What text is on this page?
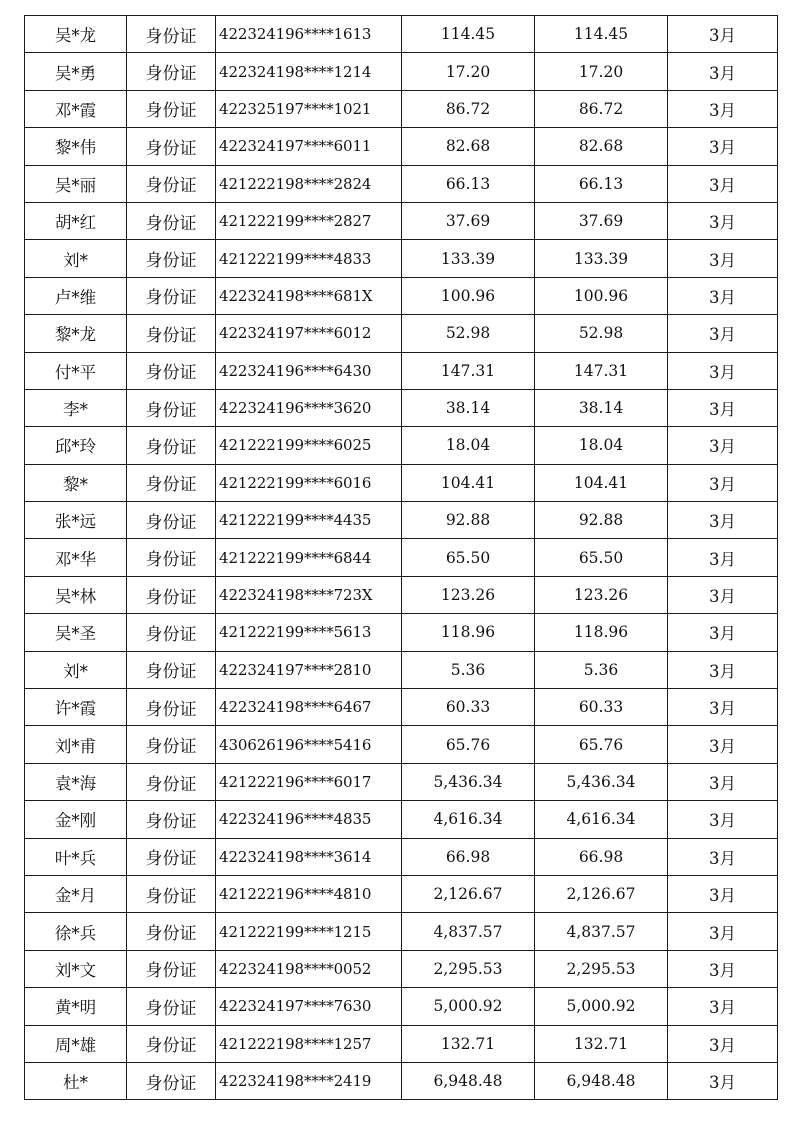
吴*龙	身份证	422324196****1613	114.45	114.45	3月
吴*勇	身份证	422324198****1214	17.20	17.20	3月
邓*霞	身份证	422325197****1021	86.72	86.72	3月
黎*伟	身份证	422324197****6011	82.68	82.68	3月
吴*丽	身份证	421222198****2824	66.13	66.13	3月
胡*红	身份证	421222199****2827	37.69	37.69	3月
刘*	身份证	421222199****4833	133.39	133.39	3月
卢*维	身份证	422324198****681X	100.96	100.96	3月
黎*龙	身份证	422324197****6012	52.98	52.98	3月
付*平	身份证	422324196****6430	147.31	147.31	3月
李*	身份证	422324196****3620	38.14	38.14	3月
邱*玲	身份证	421222199****6025	18.04	18.04	3月
黎*	身份证	421222199****6016	104.41	104.41	3月
张*远	身份证	421222199****4435	92.88	92.88	3月
邓*华	身份证	421222199****6844	65.50	65.50	3月
吴*林	身份证	422324198****723X	123.26	123.26	3月
吴*圣	身份证	421222199****5613	118.96	118.96	3月
刘*	身份证	422324197****2810	5.36	5.36	3月
许*霞	身份证	422324198****6467	60.33	60.33	3月
刘*甫	身份证	430626196****5416	65.76	65.76	3月
袁*海	身份证	421222196****6017	5,436.34	5,436.34	3月
金*刚	身份证	422324196****4835	4,616.34	4,616.34	3月
叶*兵	身份证	422324198****3614	66.98	66.98	3月
金*月	身份证	421222196****4810	2,126.67	2,126.67	3月
徐*兵	身份证	421222199****1215	4,837.57	4,837.57	3月
刘*文	身份证	422324198****0052	2,295.53	2,295.53	3月
黄*明	身份证	422324197****7630	5,000.92	5,000.92	3月
周*雄	身份证	421222198****1257	132.71	132.71	3月
杜*	身份证	422324198****2419	6,948.48	6,948.48	3月
